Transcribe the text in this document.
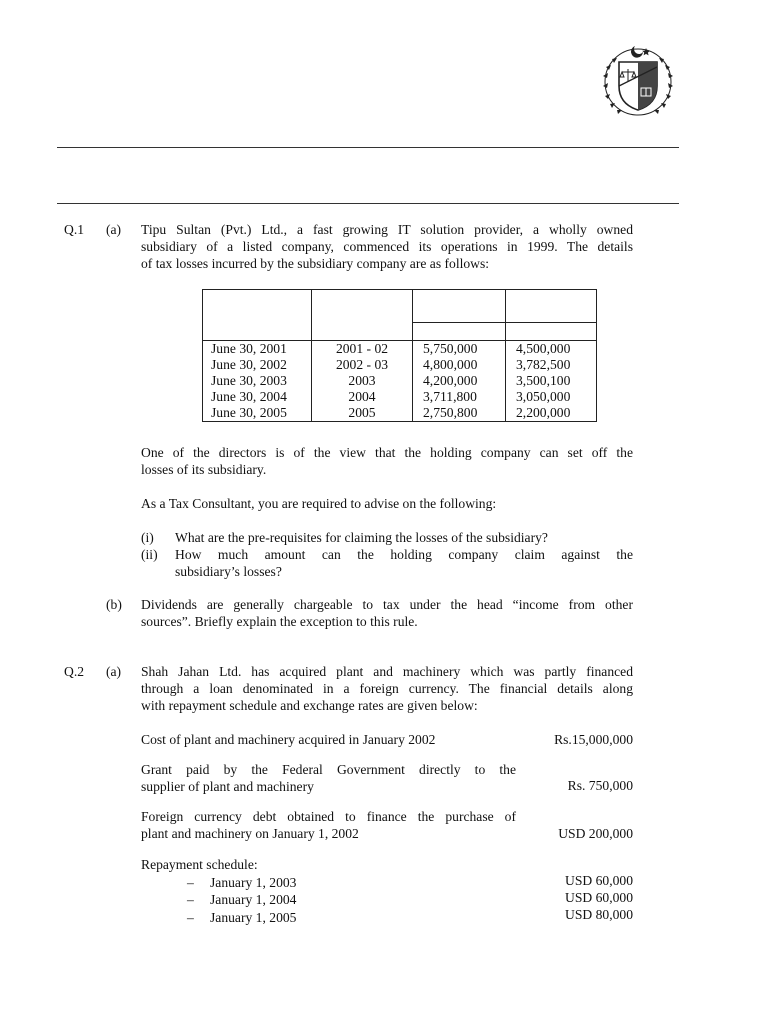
Q.1 (a) Tipu Sultan (Pvt.) Ltd., a fast growing IT solution provider, a wholly owned
subsidiary of a listed company, commenced its operations in 1999. The details
of tax losses incurred by the subsidiary company are as follows:

June 30, 2001	2001 - 02	5,750,000	4,500,000
June 30, 2002	2002 - 03	4,800,000	3,782,500
June 30, 2003	2003	4,200,000	3,500,100
June 30, 2004	2004	3,711,800	3,050,000
June 30, 2005	2005	2,750,800	2,200,000
One of the directors is of the view that the holding company can set off the
losses of its subsidiary.
As a Tax Consultant, you are required to advise on the following:
(i) What are the pre-requisites for claiming the losses of the subsidiary?
(ii) How much amount can the holding company claim against the
subsidiary’s losses?
(b) Dividends are generally chargeable to tax under the head “income from other
sources”. Briefly explain the exception to this rule.
Q.2 (a) Shah Jahan Ltd. has acquired plant and machinery which was partly financed
through a loan denominated in a foreign currency. The financial details along
with repayment schedule and exchange rates are given below:
Cost of plant and machinery acquired in January 2002	Rs.15,000,000
Grant paid by the Federal Government directly to the
supplier of plant and machinery	Rs. 750,000
Foreign currency debt obtained to finance the purchase of
plant and machinery on January 1, 2002	USD 200,000
Repayment schedule:
– January 1, 2003	USD 60,000
– January 1, 2004	USD 60,000
– January 1, 2005	USD 80,000
